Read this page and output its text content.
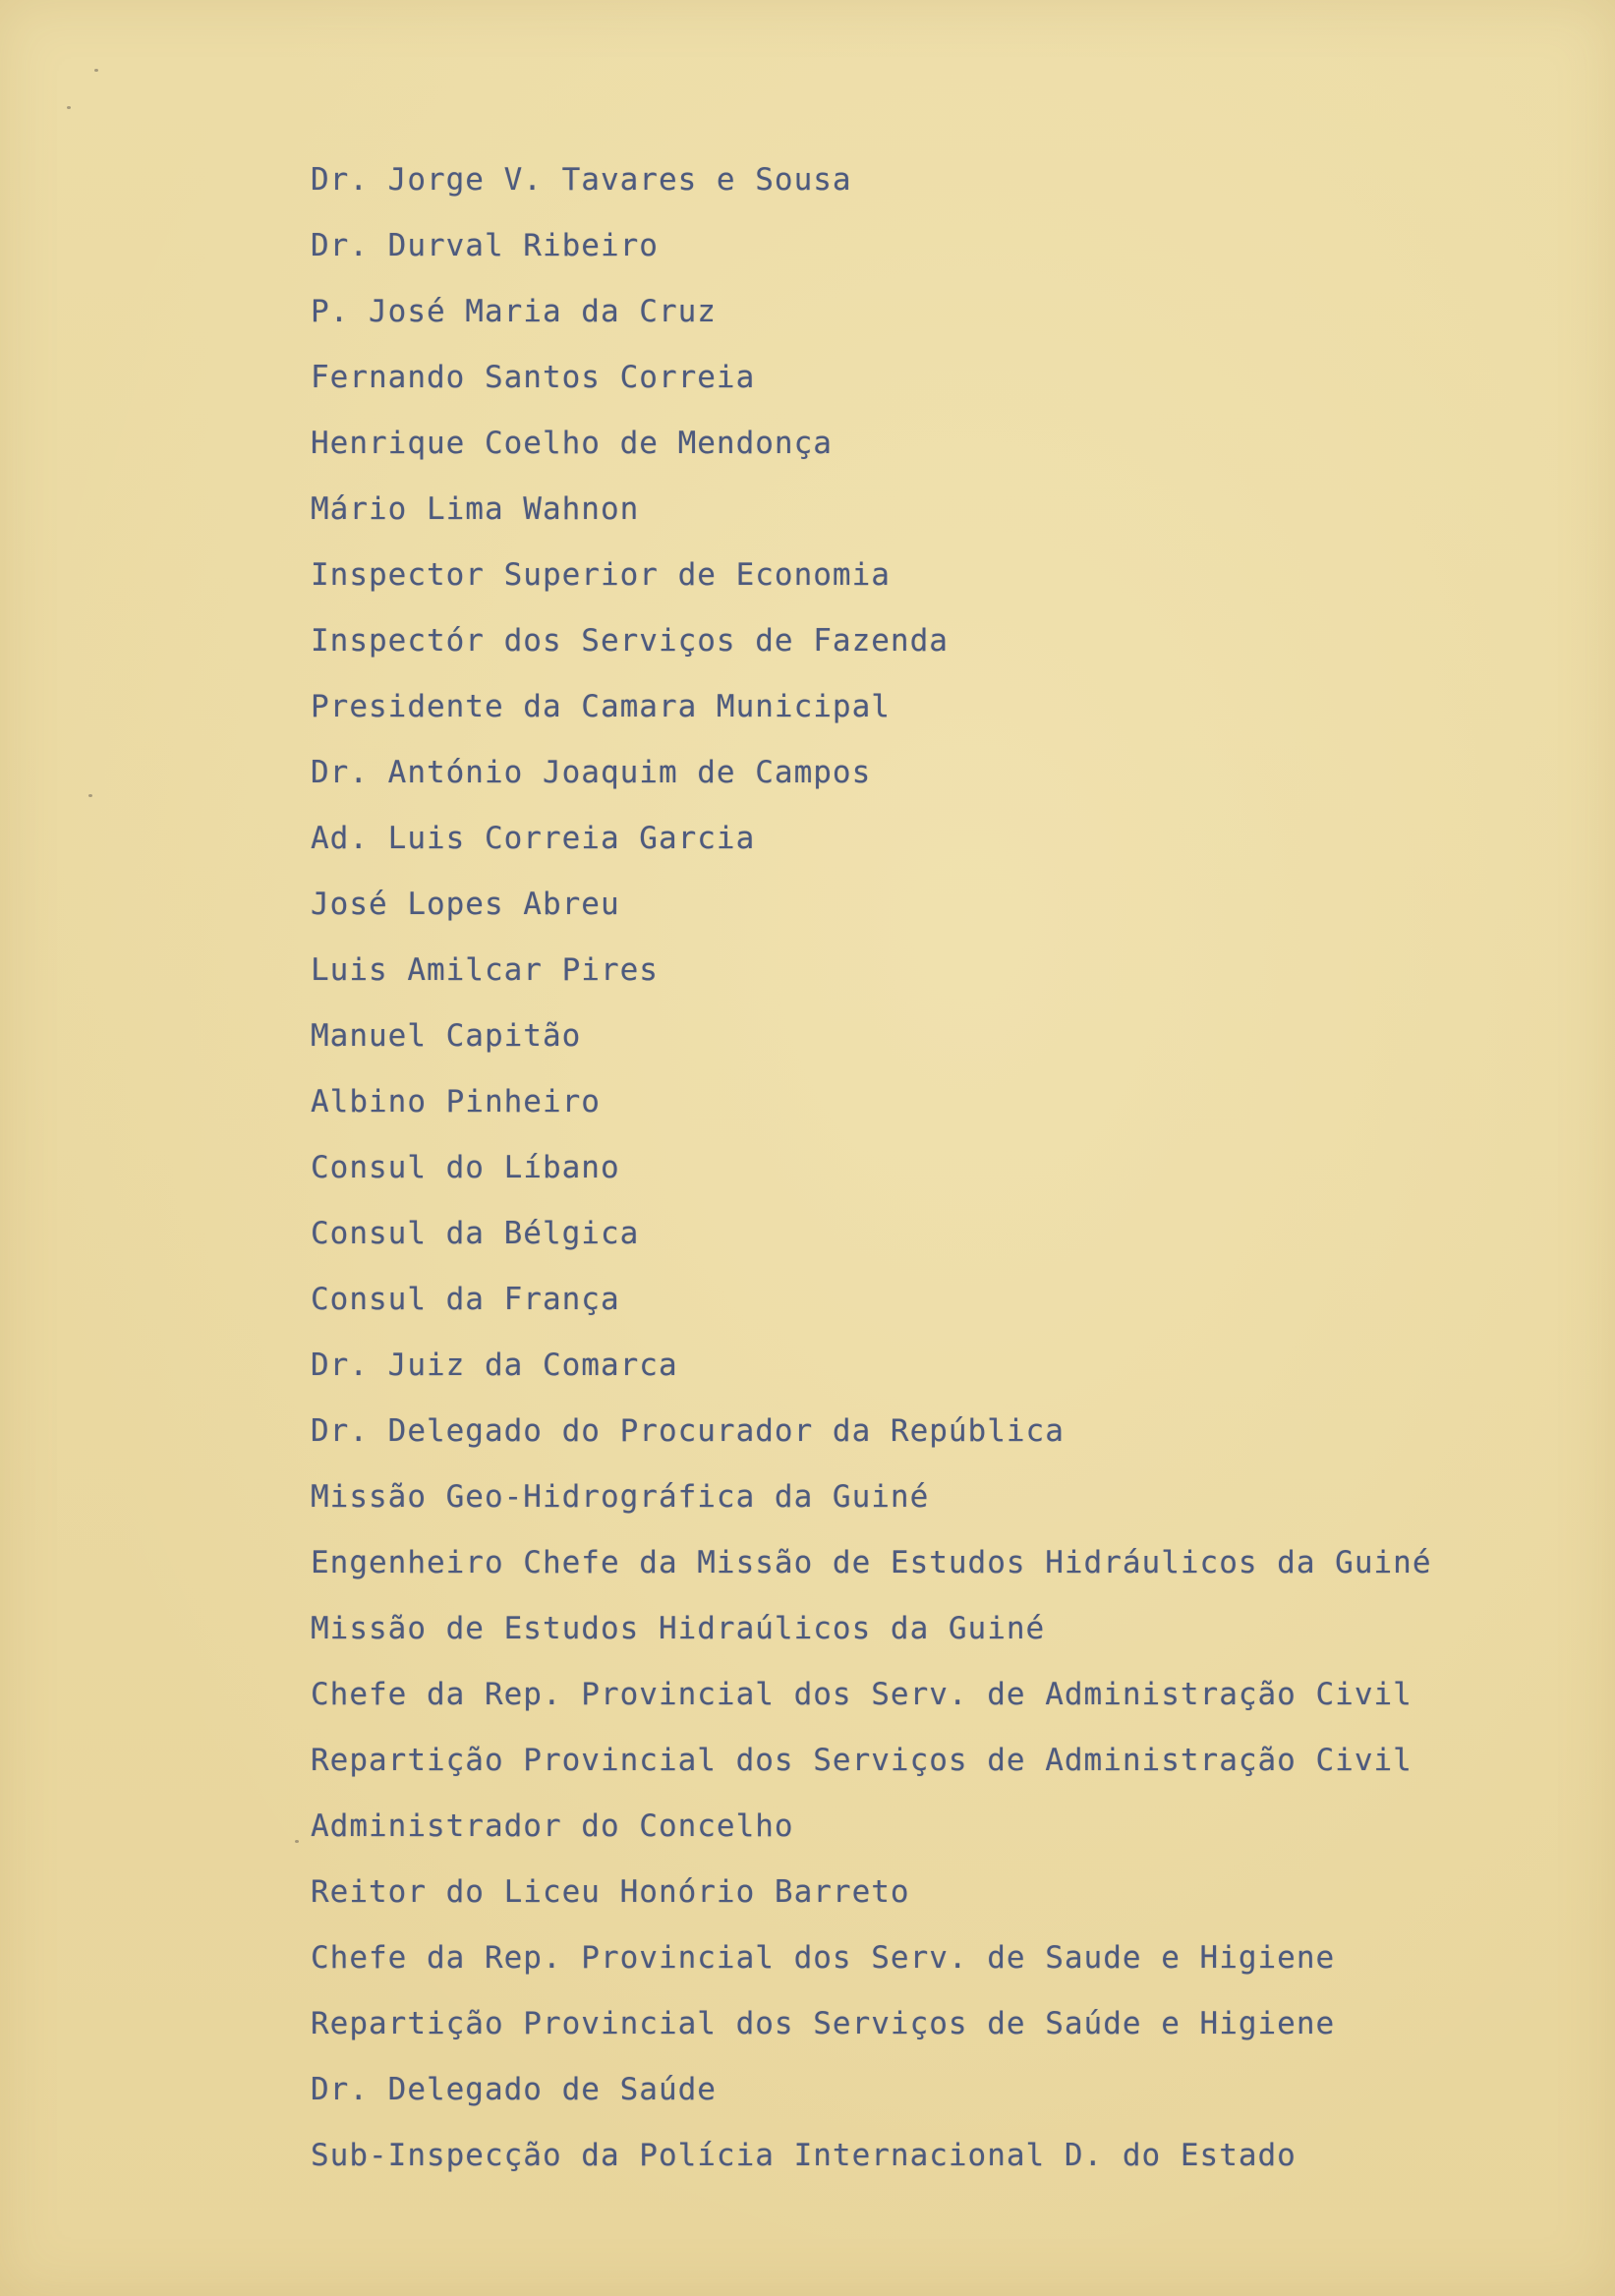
Dr. Jorge V. Tavares e Sousa
Dr. Durval Ribeiro
P. José Maria da Cruz
Fernando Santos Correia
Henrique Coelho de Mendonça
Mário Lima Wahnon
Inspector Superior de Economia
Inspectór dos Serviços de Fazenda
Presidente da Camara Municipal
Dr. António Joaquim de Campos
Ad. Luis Correia Garcia
José Lopes Abreu
Luis Amilcar Pires
Manuel Capitão
Albino Pinheiro
Consul do Líbano
Consul da Bélgica
Consul da França
Dr. Juiz da Comarca
Dr. Delegado do Procurador da República
Missão Geo-Hidrográfica da Guiné
Engenheiro Chefe da Missão de Estudos Hidráulicos da Guiné
Missão de Estudos Hidraúlicos da Guiné
Chefe da Rep. Provincial dos Serv. de Administração Civil
Repartição Provincial dos Serviços de Administração Civil
Administrador do Concelho
Reitor do Liceu Honório Barreto
Chefe da Rep. Provincial dos Serv. de Saude e Higiene
Repartição Provincial dos Serviços de Saúde e Higiene
Dr. Delegado de Saúde
Sub-Inspecção da Polícia Internacional D. do Estado
